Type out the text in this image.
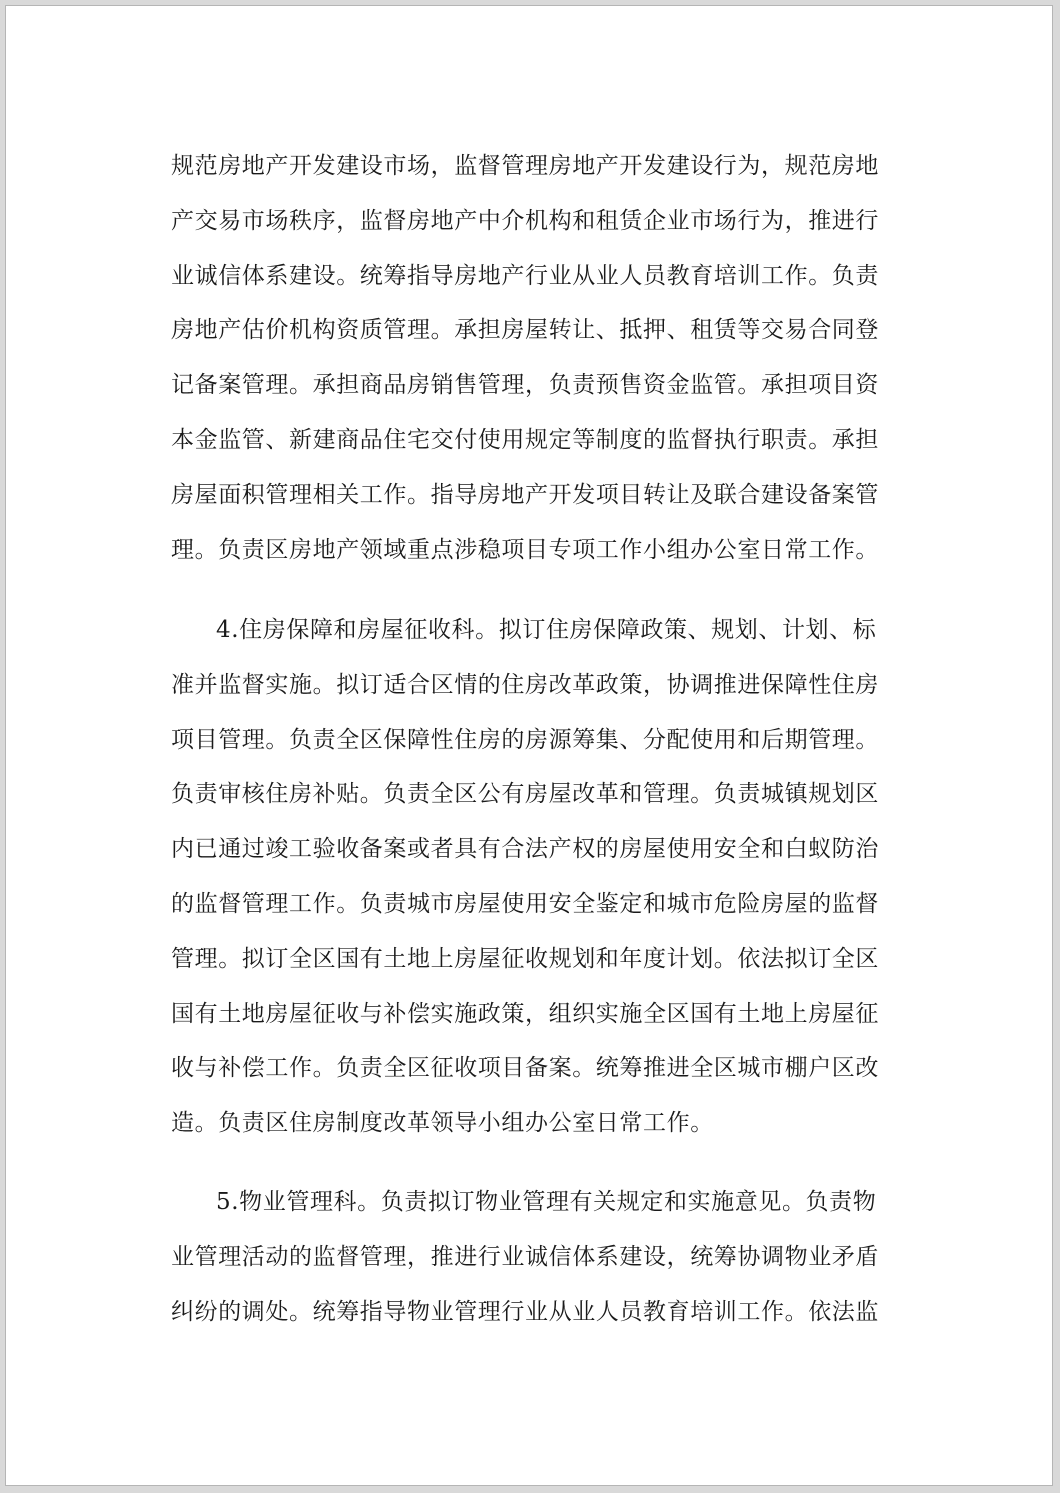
规范房地产开发建设市场，监督管理房地产开发建设行为，规范房地
产交易市场秩序，监督房地产中介机构和租赁企业市场行为，推进行
业诚信体系建设。统筹指导房地产行业从业人员教育培训工作。负责
房地产估价机构资质管理。承担房屋转让、抵押、租赁等交易合同登
记备案管理。承担商品房销售管理，负责预售资金监管。承担项目资
本金监管、新建商品住宅交付使用规定等制度的监督执行职责。承担
房屋面积管理相关工作。指导房地产开发项目转让及联合建设备案管
理。负责区房地产领域重点涉稳项目专项工作小组办公室日常工作。
4.住房保障和房屋征收科。拟订住房保障政策、规划、计划、标
准并监督实施。拟订适合区情的住房改革政策，协调推进保障性住房
项目管理。负责全区保障性住房的房源筹集、分配使用和后期管理。
负责审核住房补贴。负责全区公有房屋改革和管理。负责城镇规划区
内已通过竣工验收备案或者具有合法产权的房屋使用安全和白蚁防治
的监督管理工作。负责城市房屋使用安全鉴定和城市危险房屋的监督
管理。拟订全区国有土地上房屋征收规划和年度计划。依法拟订全区
国有土地房屋征收与补偿实施政策，组织实施全区国有土地上房屋征
收与补偿工作。负责全区征收项目备案。统筹推进全区城市棚户区改
造。负责区住房制度改革领导小组办公室日常工作。
5.物业管理科。负责拟订物业管理有关规定和实施意见。负责物
业管理活动的监督管理，推进行业诚信体系建设，统筹协调物业矛盾
纠纷的调处。统筹指导物业管理行业从业人员教育培训工作。依法监
